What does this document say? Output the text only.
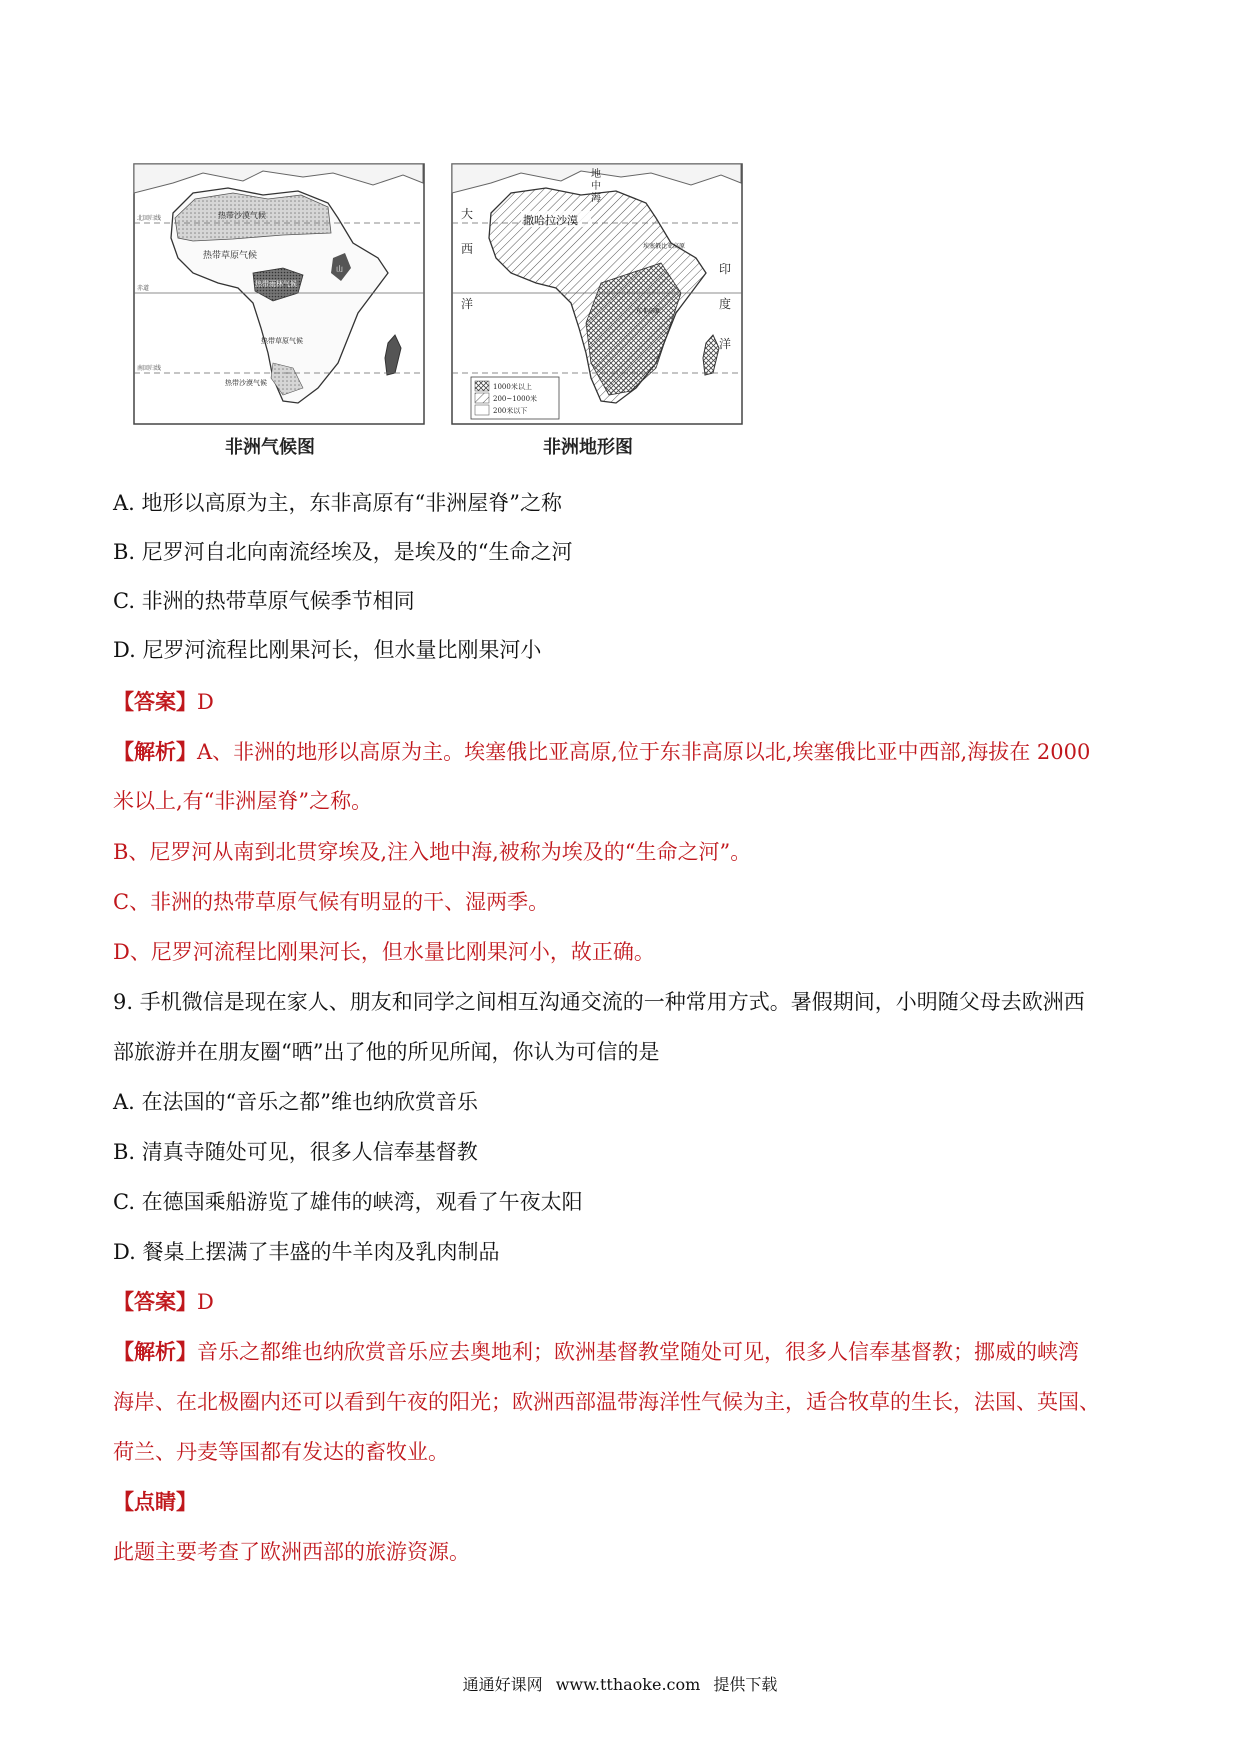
北回归线
赤道
南回归线
热带沙漠气候
热带草原气候
热带雨林气候
热带草原气候
热带沙漠气候
山
非洲气候图
地
中
海
大
西
洋
印
度
洋
撒哈拉沙漠
埃塞俄比亚高原
东非高原
1000米以上
200~1000米
200米以下
非洲地形图
A. 地形以高原为主，东非高原有“非洲屋脊”之称
B. 尼罗河自北向南流经埃及，是埃及的“生命之河
C. 非洲的热带草原气候季节相同
D. 尼罗河流程比刚果河长，但水量比刚果河小
【答案】D
【解析】A、非洲的地形以高原为主。埃塞俄比亚高原,位于东非高原以北,埃塞俄比亚中西部,海拔在 2000
米以上,有“非洲屋脊”之称。
B、尼罗河从南到北贯穿埃及,注入地中海,被称为埃及的“生命之河”。
C、非洲的热带草原气候有明显的干、湿两季。
D、尼罗河流程比刚果河长，但水量比刚果河小，故正确。
9. 手机微信是现在家人、朋友和同学之间相互沟通交流的一种常用方式。暑假期间，小明随父母去欧洲西
部旅游并在朋友圈“晒”出了他的所见所闻，你认为可信的是
A. 在法国的“音乐之都”维也纳欣赏音乐
B. 清真寺随处可见，很多人信奉基督教
C. 在德国乘船游览了雄伟的峡湾，观看了午夜太阳
D. 餐桌上摆满了丰盛的牛羊肉及乳肉制品
【答案】D
【解析】音乐之都维也纳欣赏音乐应去奥地利；欧洲基督教堂随处可见，很多人信奉基督教；挪威的峡湾
海岸、在北极圈内还可以看到午夜的阳光；欧洲西部温带海洋性气候为主，适合牧草的生长，法国、英国、
荷兰、丹麦等国都有发达的畜牧业。
【点睛】
此题主要考查了欧洲西部的旅游资源。
通通好课网 www.tthaoke.com 提供下载
